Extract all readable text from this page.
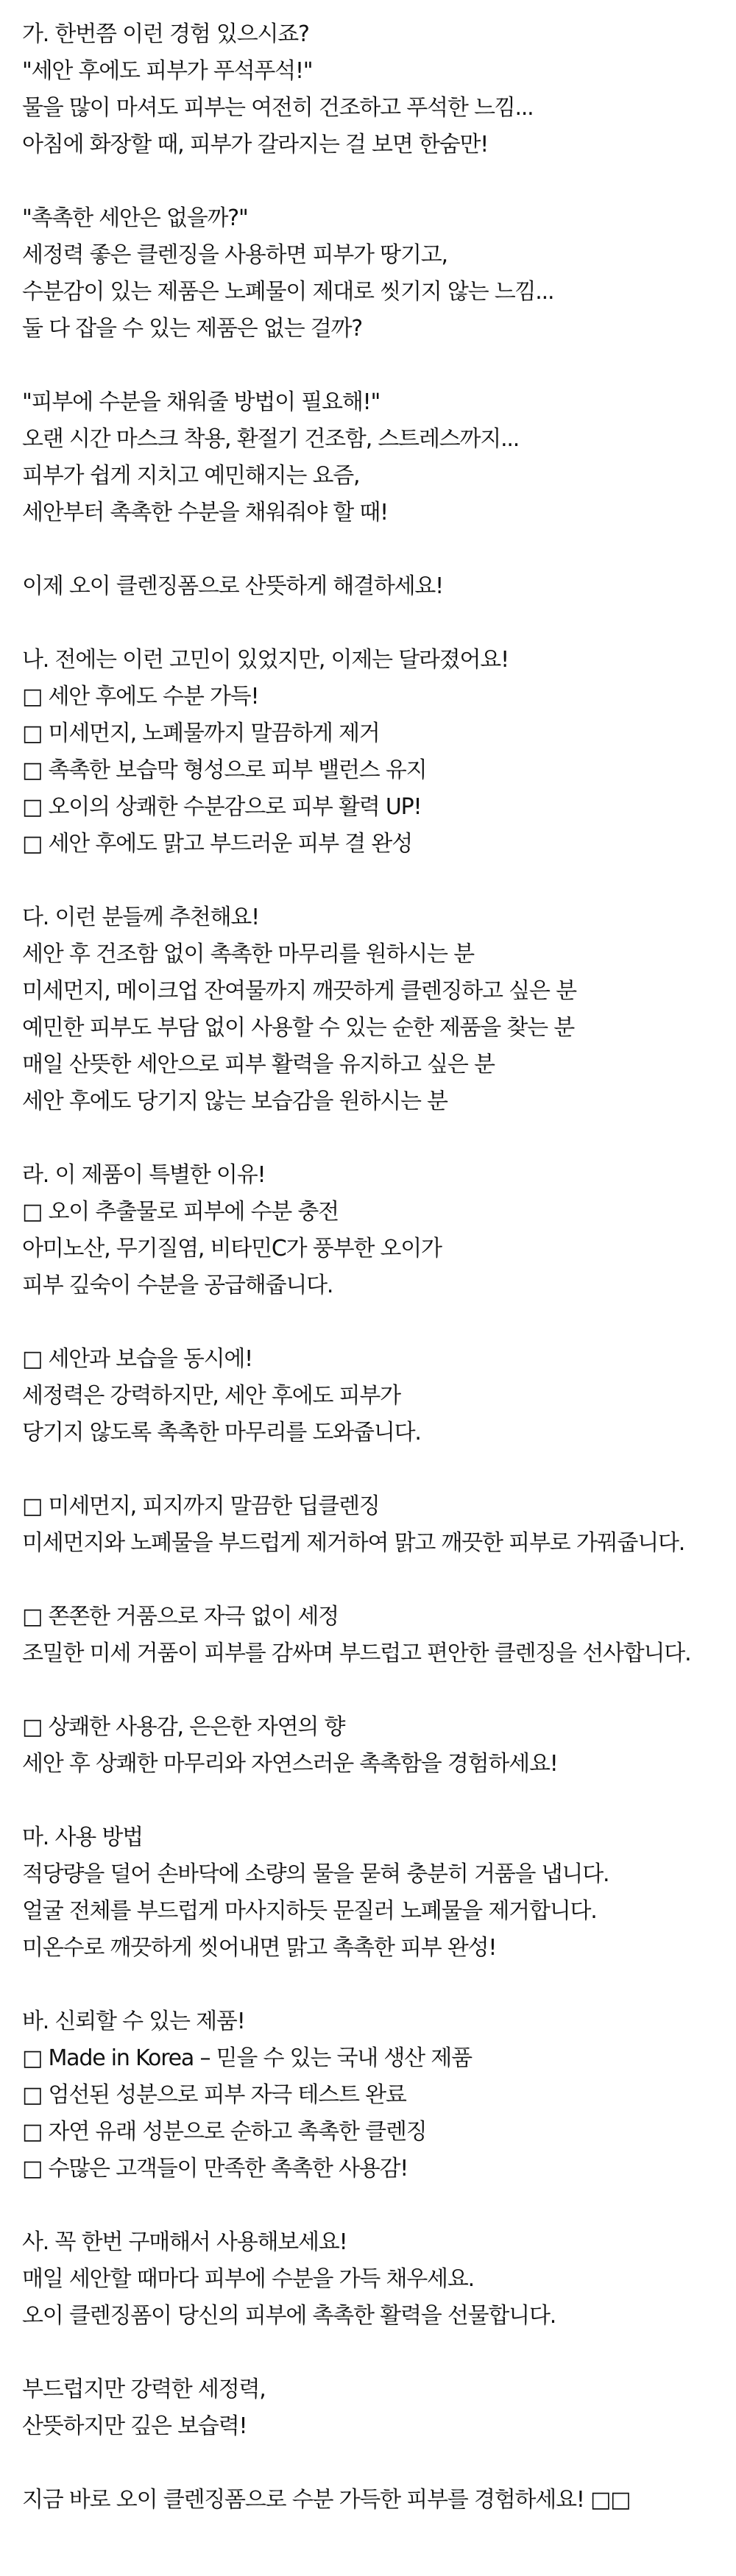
가. 한번쯤 이런 경험 있으시죠?
"세안 후에도 피부가 푸석푸석!"
물을 많이 마셔도 피부는 여전히 건조하고 푸석한 느낌...
아침에 화장할 때, 피부가 갈라지는 걸 보면 한숨만!
"촉촉한 세안은 없을까?"
세정력 좋은 클렌징을 사용하면 피부가 땅기고,
수분감이 있는 제품은 노폐물이 제대로 씻기지 않는 느낌...
둘 다 잡을 수 있는 제품은 없는 걸까?
"피부에 수분을 채워줄 방법이 필요해!"
오랜 시간 마스크 착용, 환절기 건조함, 스트레스까지...
피부가 쉽게 지치고 예민해지는 요즘,
세안부터 촉촉한 수분을 채워줘야 할 때!
이제 오이 클렌징폼으로 산뜻하게 해결하세요!
나. 전에는 이런 고민이 있었지만, 이제는 달라졌어요!
□ 세안 후에도 수분 가득!
□ 미세먼지, 노폐물까지 말끔하게 제거
□ 촉촉한 보습막 형성으로 피부 밸런스 유지
□ 오이의 상쾌한 수분감으로 피부 활력 UP!
□ 세안 후에도 맑고 부드러운 피부 결 완성
다. 이런 분들께 추천해요!
세안 후 건조함 없이 촉촉한 마무리를 원하시는 분
미세먼지, 메이크업 잔여물까지 깨끗하게 클렌징하고 싶은 분
예민한 피부도 부담 없이 사용할 수 있는 순한 제품을 찾는 분
매일 산뜻한 세안으로 피부 활력을 유지하고 싶은 분
세안 후에도 당기지 않는 보습감을 원하시는 분
라. 이 제품이 특별한 이유!
□ 오이 추출물로 피부에 수분 충전
아미노산, 무기질염, 비타민C가 풍부한 오이가
피부 깊숙이 수분을 공급해줍니다.
□ 세안과 보습을 동시에!
세정력은 강력하지만, 세안 후에도 피부가
당기지 않도록 촉촉한 마무리를 도와줍니다.
□ 미세먼지, 피지까지 말끔한 딥클렌징
미세먼지와 노폐물을 부드럽게 제거하여 맑고 깨끗한 피부로 가꿔줍니다.
□ 쫀쫀한 거품으로 자극 없이 세정
조밀한 미세 거품이 피부를 감싸며 부드럽고 편안한 클렌징을 선사합니다.
□ 상쾌한 사용감, 은은한 자연의 향
세안 후 상쾌한 마무리와 자연스러운 촉촉함을 경험하세요!
마. 사용 방법
적당량을 덜어 손바닥에 소량의 물을 묻혀 충분히 거품을 냅니다.
얼굴 전체를 부드럽게 마사지하듯 문질러 노폐물을 제거합니다.
미온수로 깨끗하게 씻어내면 맑고 촉촉한 피부 완성!
바. 신뢰할 수 있는 제품!
□ Made in Korea – 믿을 수 있는 국내 생산 제품
□ 엄선된 성분으로 피부 자극 테스트 완료
□ 자연 유래 성분으로 순하고 촉촉한 클렌징
□ 수많은 고객들이 만족한 촉촉한 사용감!
사. 꼭 한번 구매해서 사용해보세요!
매일 세안할 때마다 피부에 수분을 가득 채우세요.
오이 클렌징폼이 당신의 피부에 촉촉한 활력을 선물합니다.
부드럽지만 강력한 세정력,
산뜻하지만 깊은 보습력!
지금 바로 오이 클렌징폼으로 수분 가득한 피부를 경험하세요! □□
